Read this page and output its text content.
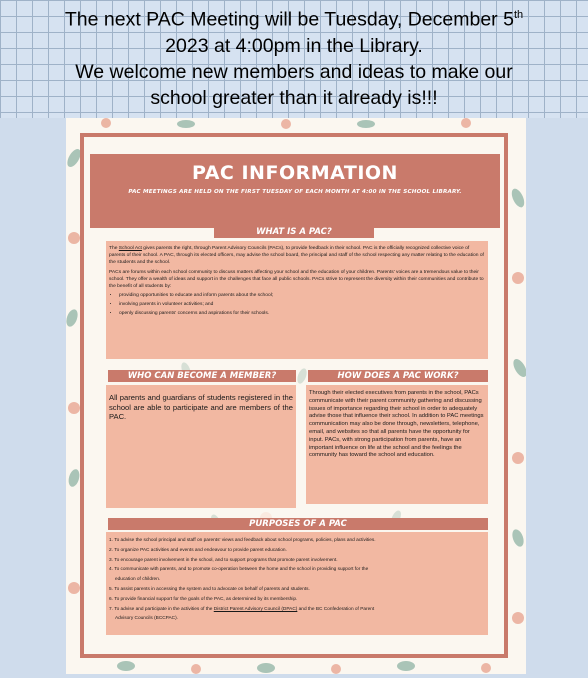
The next PAC Meeting will be Tuesday, December 5th
2023 at 4:00pm in the Library.
We welcome new members and ideas to make our
school greater than it already is!!!
PAC INFORMATION

PAC MEETINGS ARE HELD ON THE FIRST TUESDAY OF EACH MONTH AT 4:00 IN THE SCHOOL LIBRARY.

WHAT IS A PAC?

The School Act gives parents the right, through Parent Advisory Councils (PACs), to provide feedback in their school. PAC is the officially recognized collective voice of parents of their school. A PAC, through its elected officers, may advise the school board, the principal and staff of the school respecting any matter relating to the education of the students and the school.

PACs are forums within each school community to discuss matters affecting your school and the education of your children. Parents' voices are a tremendous value to their school. They offer a wealth of ideas and support in the challenges that face all public schools. PACs strive to represent the diversity within their communities and contribute to the benefit of all students by:

• providing opportunities to educate and inform parents about the school;
• involving parents in volunteer activities; and
• openly discussing parents' concerns and aspirations for their schools.
WHO CAN BECOME A MEMBER?
All parents and guardians of students registered in the school are able to participate and are members of the PAC.
HOW DOES A PAC WORK?
Through their elected executives from parents in the school, PACs communicate with their parent community gathering and discussing issues of importance regarding their school in order to adequately advise those that influence their school. In addition to PAC meetings communication may also be done through, newsletters, telephone, email, and websites so that all parents have the opportunity for input. PACs, with strong participation from parents, have an important influence on life at the school and the feelings the community has toward the school and education.
PURPOSES OF A PAC
1. To advise the school principal and staff on parents' views and feedback about school programs, policies, plans and activities.
2. To organize PAC activities and events and endeavour to provide parent education.
3. To encourage parent involvement in the school, and to support programs that promote parent involvement.
4. To communicate with parents, and to promote co-operation between the home and the school in providing support for the
education of children.
5. To assist parents in accessing the system and to advocate on behalf of parents and students.
6. To provide financial support for the goals of the PAC, as determined by its membership.
7. To advise and participate in the activities of the District Parent Advisory Council (DPAC) and the BC Confederation of Parent
Advisory Councils (BCCPAC).
